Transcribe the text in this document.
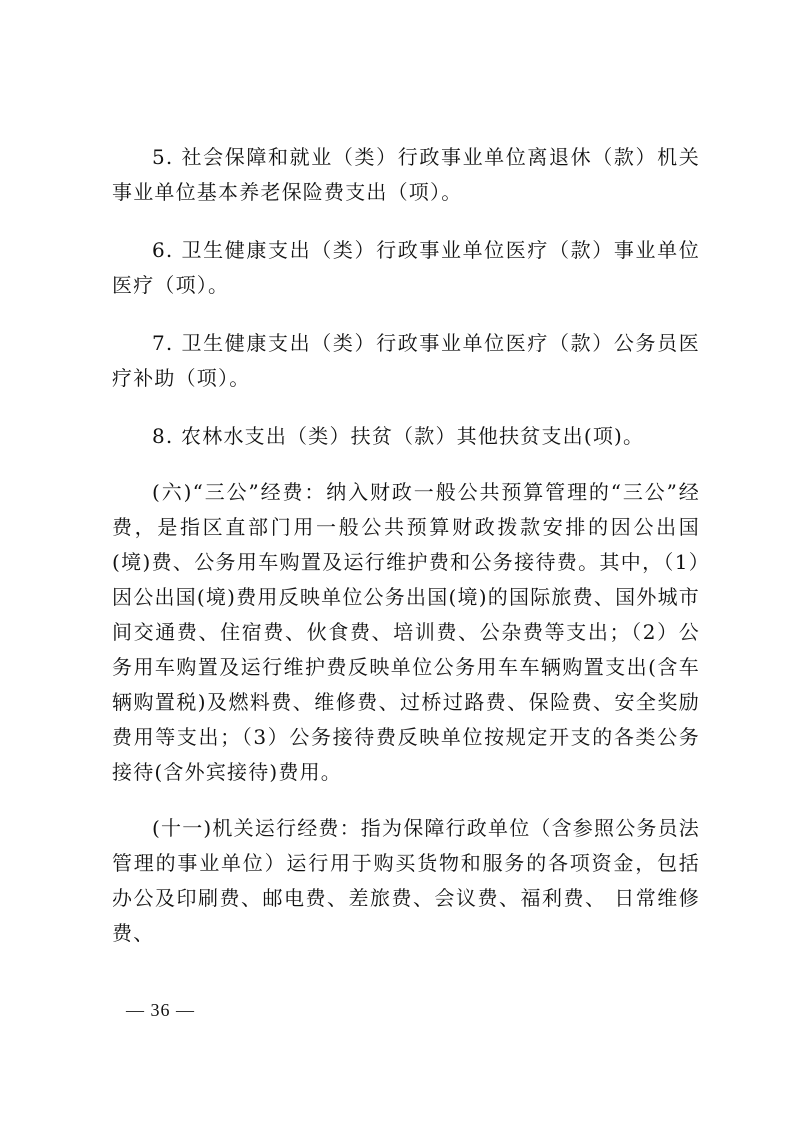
5. 社会保障和就业（类）行政事业单位离退休（款）机关事业单位基本养老保险费支出（项）。

6. 卫生健康支出（类）行政事业单位医疗（款）事业单位医疗（项）。

7. 卫生健康支出（类）行政事业单位医疗（款）公务员医疗补助（项）。

8. 农林水支出（类）扶贫（款）其他扶贫支出(项)。

(六)“三公”经费：纳入财政一般公共预算管理的“三公”经费，是指区直部门用一般公共预算财政拨款安排的因公出国(境)费、公务用车购置及运行维护费和公务接待费。其中，（1）因公出国(境)费用反映单位公务出国(境)的国际旅费、国外城市间交通费、住宿费、伙食费、培训费、公杂费等支出；（2）公务用车购置及运行维护费反映单位公务用车车辆购置支出(含车辆购置税)及燃料费、维修费、过桥过路费、保险费、安全奖励费用等支出；（3）公务接待费反映单位按规定开支的各类公务接待(含外宾接待)费用。

(十一)机关运行经费：指为保障行政单位（含参照公务员法管理的事业单位）运行用于购买货物和服务的各项资金，包括办公及印刷费、邮电费、差旅费、会议费、福利费、 日常维修费、

— 36 —
